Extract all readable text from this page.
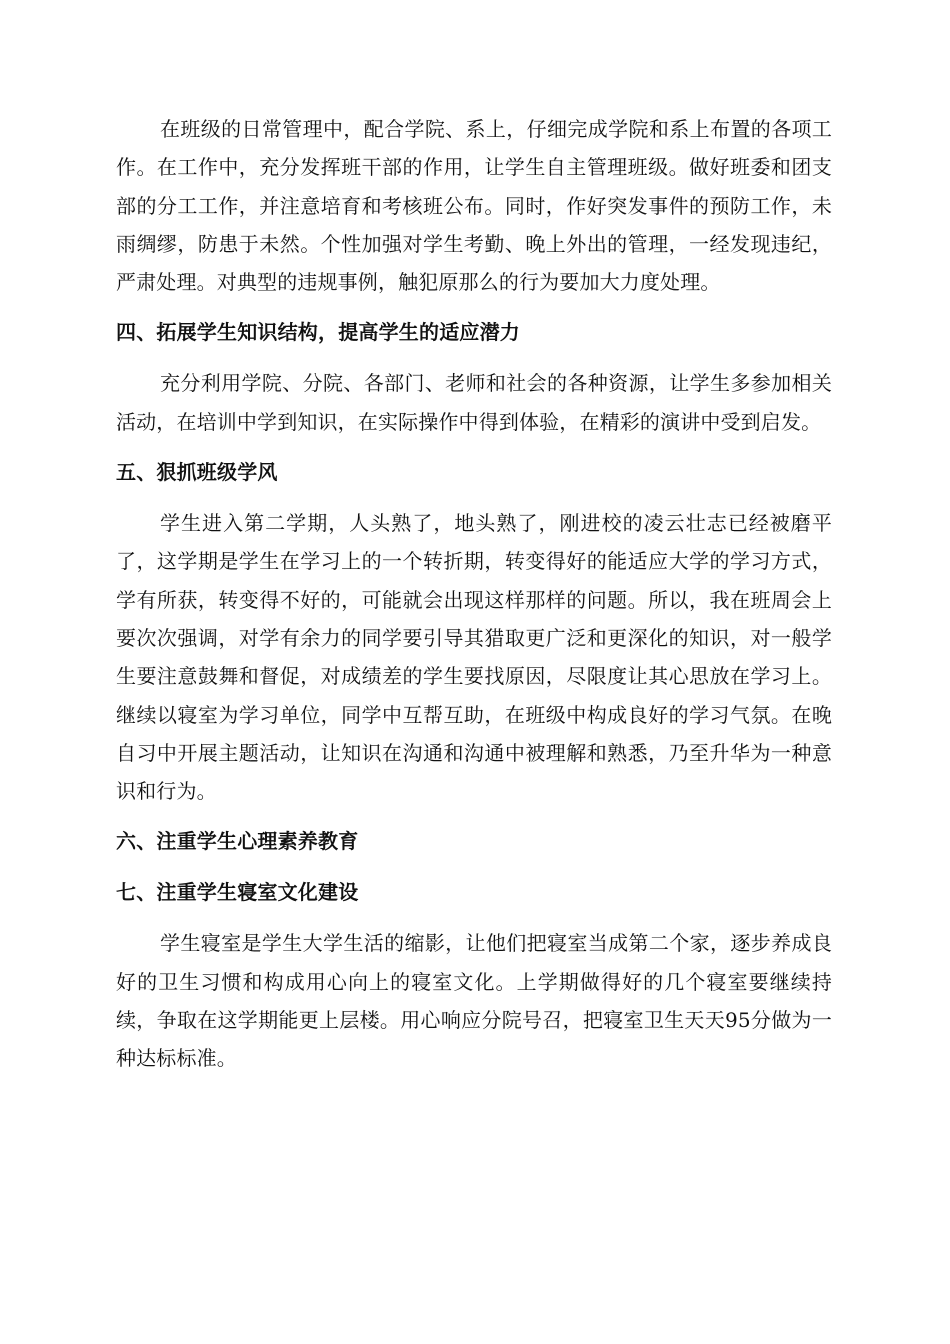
在班级的日常管理中，配合学院、系上，仔细完成学院和系上布置的各项工作。在工作中，充分发挥班干部的作用，让学生自主管理班级。做好班委和团支部的分工工作，并注意培育和考核班公布。同时，作好突发事件的预防工作，未雨绸缪，防患于未然。个性加强对学生考勤、晚上外出的管理，一经发现违纪，严肃处理。对典型的违规事例，触犯原那么的行为要加大力度处理。

四、拓展学生知识结构，提高学生的适应潜力

充分利用学院、分院、各部门、老师和社会的各种资源，让学生多参加相关活动，在培训中学到知识，在实际操作中得到体验，在精彩的演讲中受到启发。

五、狠抓班级学风

学生进入第二学期，人头熟了，地头熟了，刚进校的凌云壮志已经被磨平了，这学期是学生在学习上的一个转折期，转变得好的能适应大学的学习方式，学有所获，转变得不好的，可能就会出现这样那样的问题。所以，我在班周会上要次次强调，对学有余力的同学要引导其猎取更广泛和更深化的知识，对一般学生要注意鼓舞和督促，对成绩差的学生要找原因，尽限度让其心思放在学习上。继续以寝室为学习单位，同学中互帮互助，在班级中构成良好的学习气氛。在晚自习中开展主题活动，让知识在沟通和沟通中被理解和熟悉，乃至升华为一种意识和行为。

六、注重学生心理素养教育
七、注重学生寝室文化建设

学生寝室是学生大学生活的缩影，让他们把寝室当成第二个家，逐步养成良好的卫生习惯和构成用心向上的寝室文化。上学期做得好的几个寝室要继续持续，争取在这学期能更上层楼。用心响应分院号召，把寝室卫生天天95分做为一种达标标准。
